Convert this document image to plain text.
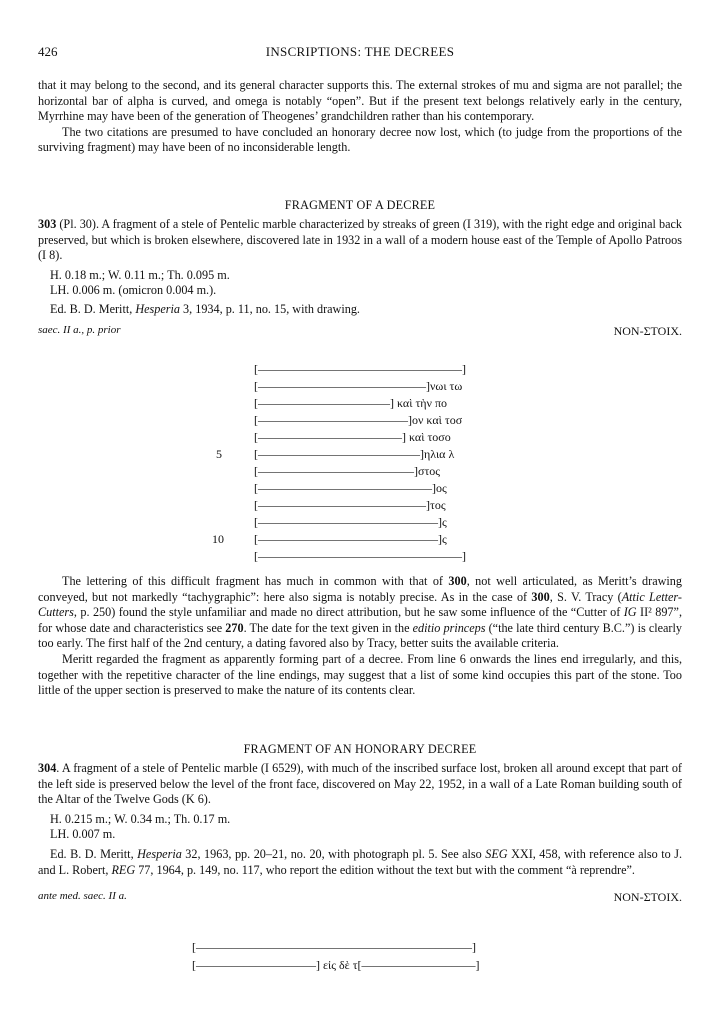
426	INSCRIPTIONS: THE DECREES

that it may belong to the second, and its general character supports this. The external strokes of mu and sigma are not parallel; the horizontal bar of alpha is curved, and omega is notably “open”. But if the present text belongs relatively early in the century, Myrrhine may have been of the generation of Theogenes’ grandchildren rather than his contemporary.

The two citations are presumed to have concluded an honorary decree now lost, which (to judge from the proportions of the surviving fragment) may have been of no inconsiderable length.

FRAGMENT OF A DECREE

303 (Pl. 30). A fragment of a stele of Pentelic marble characterized by streaks of green (I 319), with the right edge and original back preserved, but which is broken elsewhere, discovered late in 1932 in a wall of a modern house east of the Temple of Apollo Patroos (I 8).

H. 0.18 m.; W. 0.11 m.; Th. 0.095 m.

LH. 0.006 m. (omicron 0.004 m.).

Ed. B. D. Meritt, Hesperia 3, 1934, p. 11, no. 15, with drawing.

saec. II a., p. prior	NON-ΣΤΟΙΧ.
[––––––––––––––––––––––––––––––––––]
[––––––––––––––––––––––––––––]νωι τω
[––––––––––––––––––––––] καὶ τὴν πο
[–––––––––––––––––––––––––]ον καὶ τοσ
[––––––––––––––––––––––––] καὶ τοσο
[–––––––––––––––––––––––––––]ηλια λ
[––––––––––––––––––––––––––]στος
[–––––––––––––––––––––––––––––]ος
[––––––––––––––––––––––––––––]τος
[––––––––––––––––––––––––––––––]ς
[––––––––––––––––––––––––––––––]ς
[––––––––––––––––––––––––––––––––––]
5
10

The lettering of this difficult fragment has much in common with that of 300, not well articulated, as Meritt’s drawing conveyed, but not markedly “tachygraphic”: here also sigma is notably precise. As in the case of 300, S. V. Tracy (Attic Letter-Cutters, p. 250) found the style unfamiliar and made no direct attribution, but he saw some influence of the “Cutter of IG II² 897”, for whose date and characteristics see 270. The date for the text given in the editio princeps (“the late third century B.C.”) is clearly too early. The first half of the 2nd century, a dating favored also by Tracy, better suits the available criteria.

Meritt regarded the fragment as apparently forming part of a decree. From line 6 onwards the lines end irregularly, and this, together with the repetitive character of the line endings, may suggest that a list of some kind occupies this part of the stone. Too little of the upper section is preserved to make the nature of its contents clear.

FRAGMENT OF AN HONORARY DECREE

304. A fragment of a stele of Pentelic marble (I 6529), with much of the inscribed surface lost, broken all around except that part of the left side is preserved below the level of the front face, discovered on May 22, 1952, in a wall of a Late Roman building south of the Altar of the Twelve Gods (K 6).

H. 0.215 m.; W. 0.34 m.; Th. 0.17 m.

LH. 0.007 m.

Ed. B. D. Meritt, Hesperia 32, 1963, pp. 20–21, no. 20, with photograph pl. 5. See also SEG XXI, 458, with reference also to J. and L. Robert, REG 77, 1964, p. 149, no. 117, who report the edition without the text but with the comment “à reprendre”.

ante med. saec. II a.	NON-ΣΤΟΙΧ.
[––––––––––––––––––––––––––––––––––––––––––––––]
[––––––––––––––––––––] εἰς δὲ τ[–––––––––––––––––––]
